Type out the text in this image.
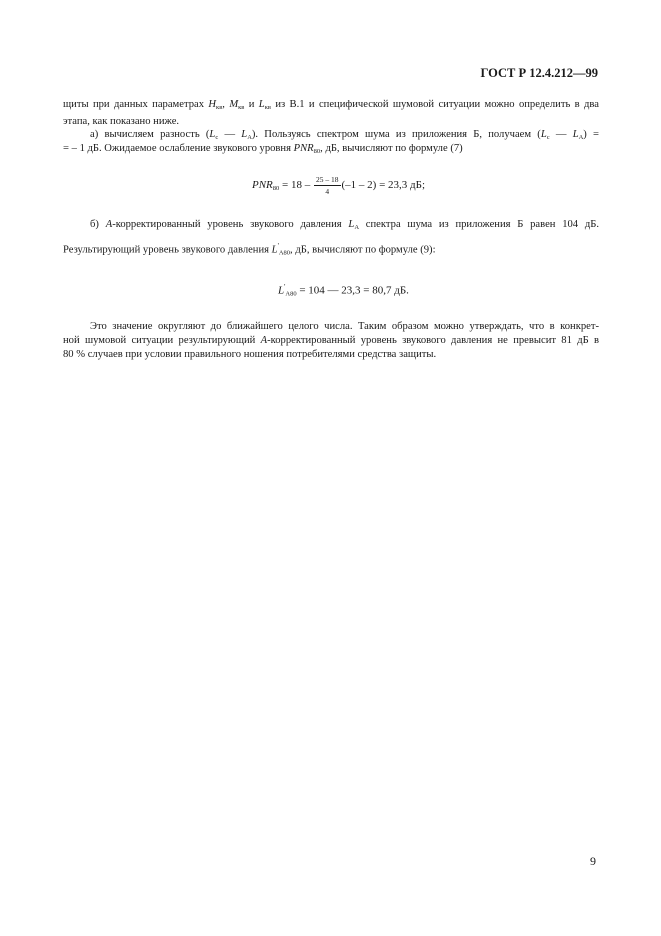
ГОСТ Р 12.4.212—99
щиты при данных параметрах $H_{кв}$, $M_{кв}$ и $L_{кв}$ из В.1 и специфической шумовой ситуации можно определить в два
этапа, как показано ниже.
а) вычисляем разность ($L_c$ — $L_A$). Пользуясь спектром шума из приложения Б, получаем ($L_c$ — $L_A$) =
= – 1 дБ. Ожидаемое ослабление звукового уровня $PNR_{80}$, дБ, вычисляют по формуле (7)
$PNR_{80} = 18 - \frac{25 - 18}{4} (-1 - 2) = 23,3$ дБ;
б) A-корректированный уровень звукового давления $L_A$ спектра шума из приложения Б равен 104 дБ.
Результирующий уровень звукового давления $L'_{A80}$, дБ, вычисляют по формуле (9):
$L'_{A80} = 104$ — 23,3 = 80,7 дБ.
Это значение округляют до ближайшего целого числа. Таким образом можно утверждать, что в конкрет-
ной шумовой ситуации результирующий A-корректированный уровень звукового давления не превысит 81 дБ в
80 % случаев при условии правильного ношения потребителями средства защиты.
9
